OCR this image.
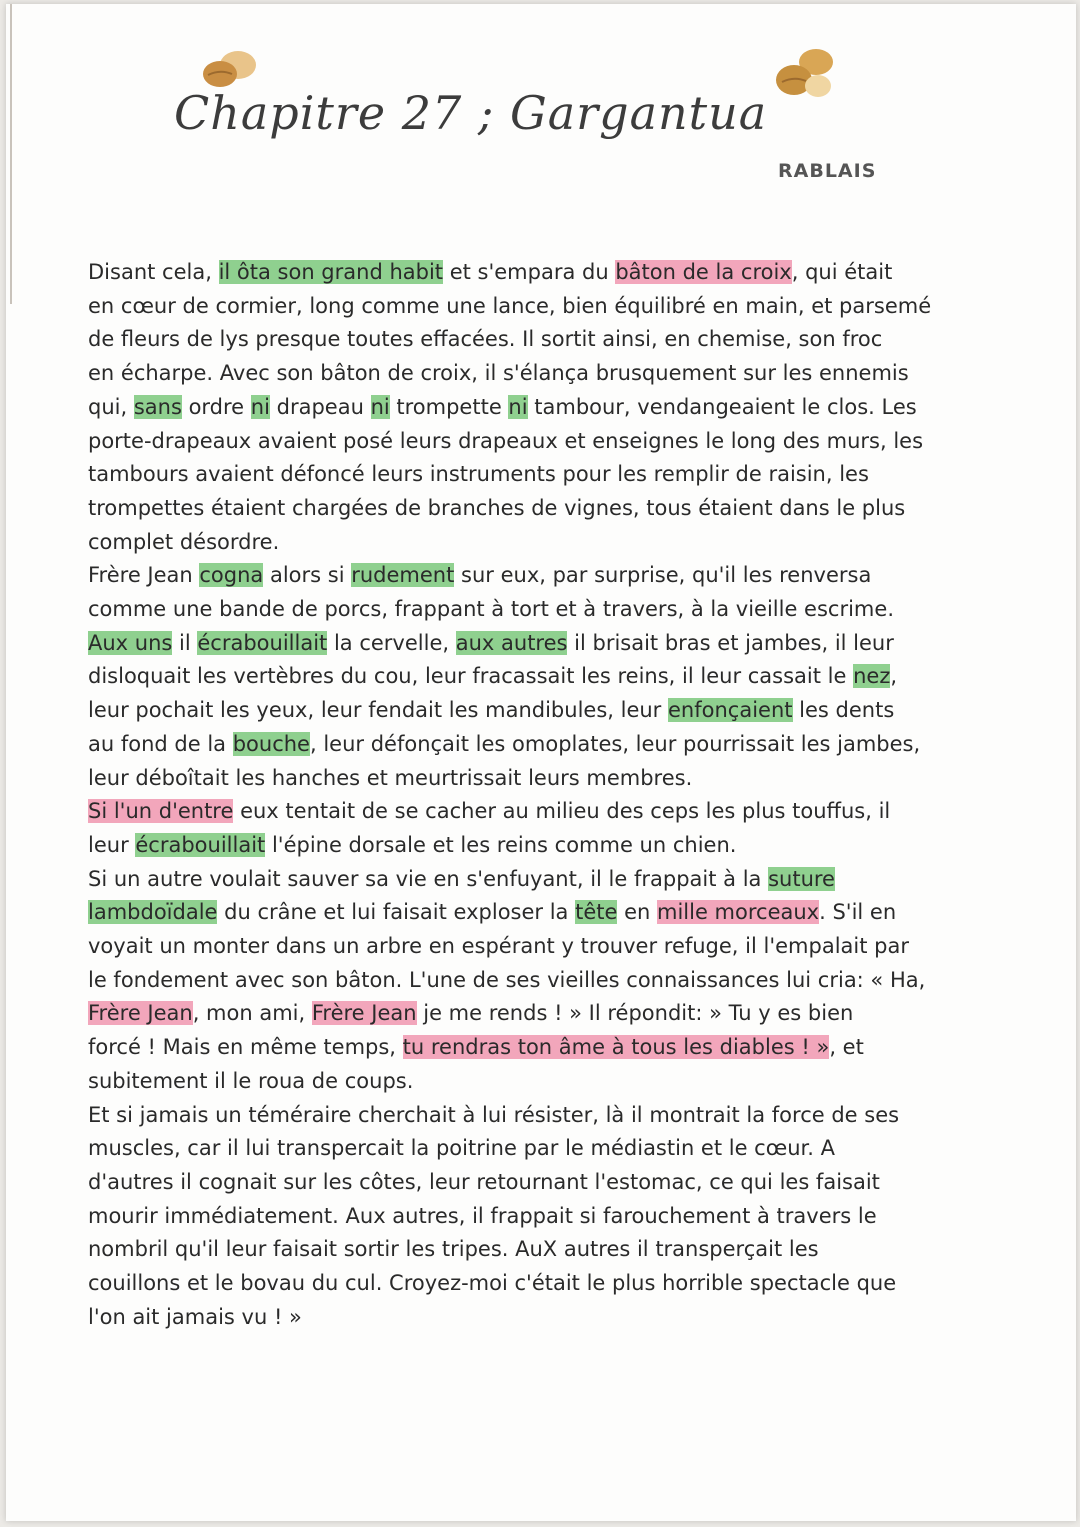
Chapitre 27 ; Gargantua
RABLAIS

Disant cela, il ôta son grand habit et s'empara du bâton de la croix, qui était
en cœur de cormier, long comme une lance, bien équilibré en main, et parsemé
de fleurs de lys presque toutes effacées. Il sortit ainsi, en chemise, son froc
en écharpe. Avec son bâton de croix, il s'élança brusquement sur les ennemis
qui, sans ordre ni drapeau ni trompette ni tambour, vendangeaient le clos. Les
porte-drapeaux avaient posé leurs drapeaux et enseignes le long des murs, les
tambours avaient défoncé leurs instruments pour les remplir de raisin, les
trompettes étaient chargées de branches de vignes, tous étaient dans le plus
complet désordre.

Frère Jean cogna alors si rudement sur eux, par surprise, qu'il les renversa
comme une bande de porcs, frappant à tort et à travers, à la vieille escrime.
Aux uns il écrabouillait la cervelle, aux autres il brisait bras et jambes, il leur
disloquait les vertèbres du cou, leur fracassait les reins, il leur cassait le nez,
leur pochait les yeux, leur fendait les mandibules, leur enfonçaient les dents
au fond de la bouche, leur défonçait les omoplates, leur pourrissait les jambes,
leur déboîtait les hanches et meurtrissait leurs membres.

Si l'un d'entre eux tentait de se cacher au milieu des ceps les plus touffus, il
leur écrabouillait l'épine dorsale et les reins comme un chien.

Si un autre voulait sauver sa vie en s'enfuyant, il le frappait à la suture
lambdoïdale du crâne et lui faisait exploser la tête en mille morceaux. S'il en
voyait un monter dans un arbre en espérant y trouver refuge, il l'empalait par
le fondement avec son bâton. L'une de ses vieilles connaissances lui cria: « Ha,
Frère Jean, mon ami, Frère Jean je me rends ! » Il répondit: » Tu y es bien
forcé ! Mais en même temps, tu rendras ton âme à tous les diables ! », et
subitement il le roua de coups.

Et si jamais un téméraire cherchait à lui résister, là il montrait la force de ses
muscles, car il lui transpercait la poitrine par le médiastin et le cœur. A
d'autres il cognait sur les côtes, leur retournant l'estomac, ce qui les faisait
mourir immédiatement. Aux autres, il frappait si farouchement à travers le
nombril qu'il leur faisait sortir les tripes. AuX autres il transperçait les
couillons et le bovau du cul. Croyez-moi c'était le plus horrible spectacle que
l'on ait jamais vu ! »
